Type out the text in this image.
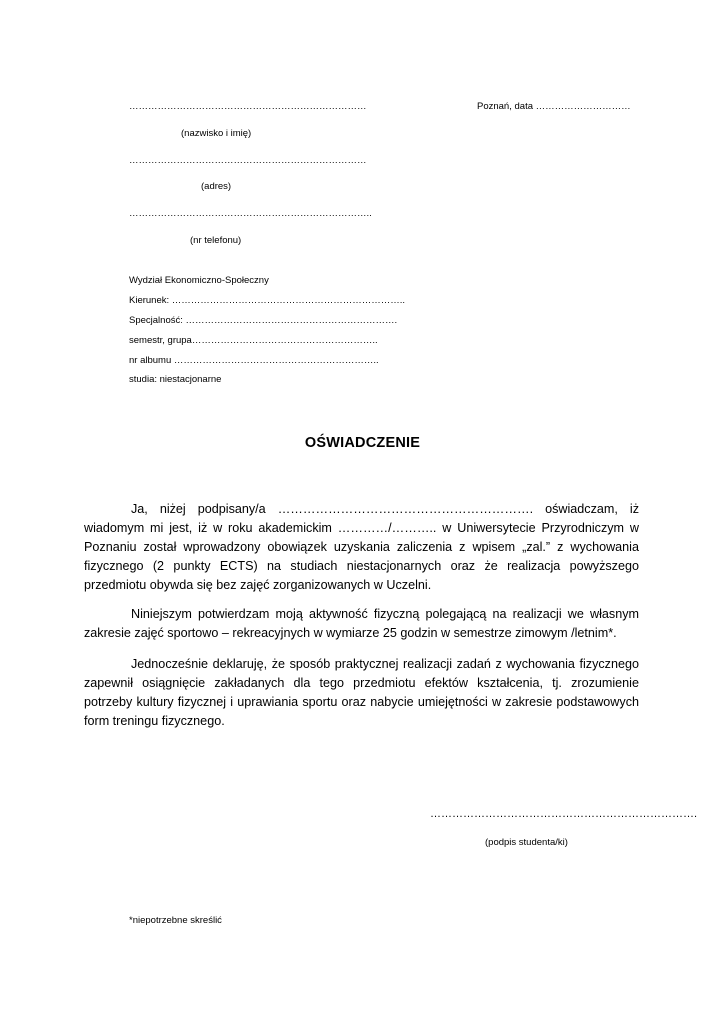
…………………………………………………………………
(nazwisko i imię)
…………………………………………………………………
(adres)
…………………………………………………………………..
(nr telefonu)
Poznań, data …………………………
Wydział Ekonomiczno-Społeczny
Kierunek: ………………………………………………………………..
Specjalność: ………………………………………………………….
semestr, grupa…………………………………………………..
nr albumu ………………………………………………………..
studia: niestacjonarne
OŚWIADCZENIE

Ja, niżej podpisany/a ……………………………………………………. oświadczam, iż wiadomym mi jest, iż w roku akademickim …………/……….. w Uniwersytecie Przyrodniczym w Poznaniu został wprowadzony obowiązek uzyskania zaliczenia z wpisem „zal.” z wychowania fizycznego (2 punkty ECTS) na studiach niestacjonarnych oraz że realizacja powyższego przedmiotu obywda się bez zajęć zorganizowanych w Uczelni.

Niniejszym potwierdzam moją aktywność fizyczną polegającą na realizacji we własnym zakresie zajęć sportowo – rekreacyjnych w wymiarze 25 godzin w semestrze zimowym /letnim*.

Jednocześnie deklaruję, że sposób praktycznej realizacji zadań z wychowania fizycznego zapewnił osiągnięcie zakładanych dla tego przedmiotu efektów kształcenia, tj. zrozumienie potrzeby kultury fizycznej i uprawiania sportu oraz nabycie umiejętności w zakresie podstawowych form treningu fizycznego.

……………………………………………………………….
(podpis studenta/ki)
*niepotrzebne skreślić
